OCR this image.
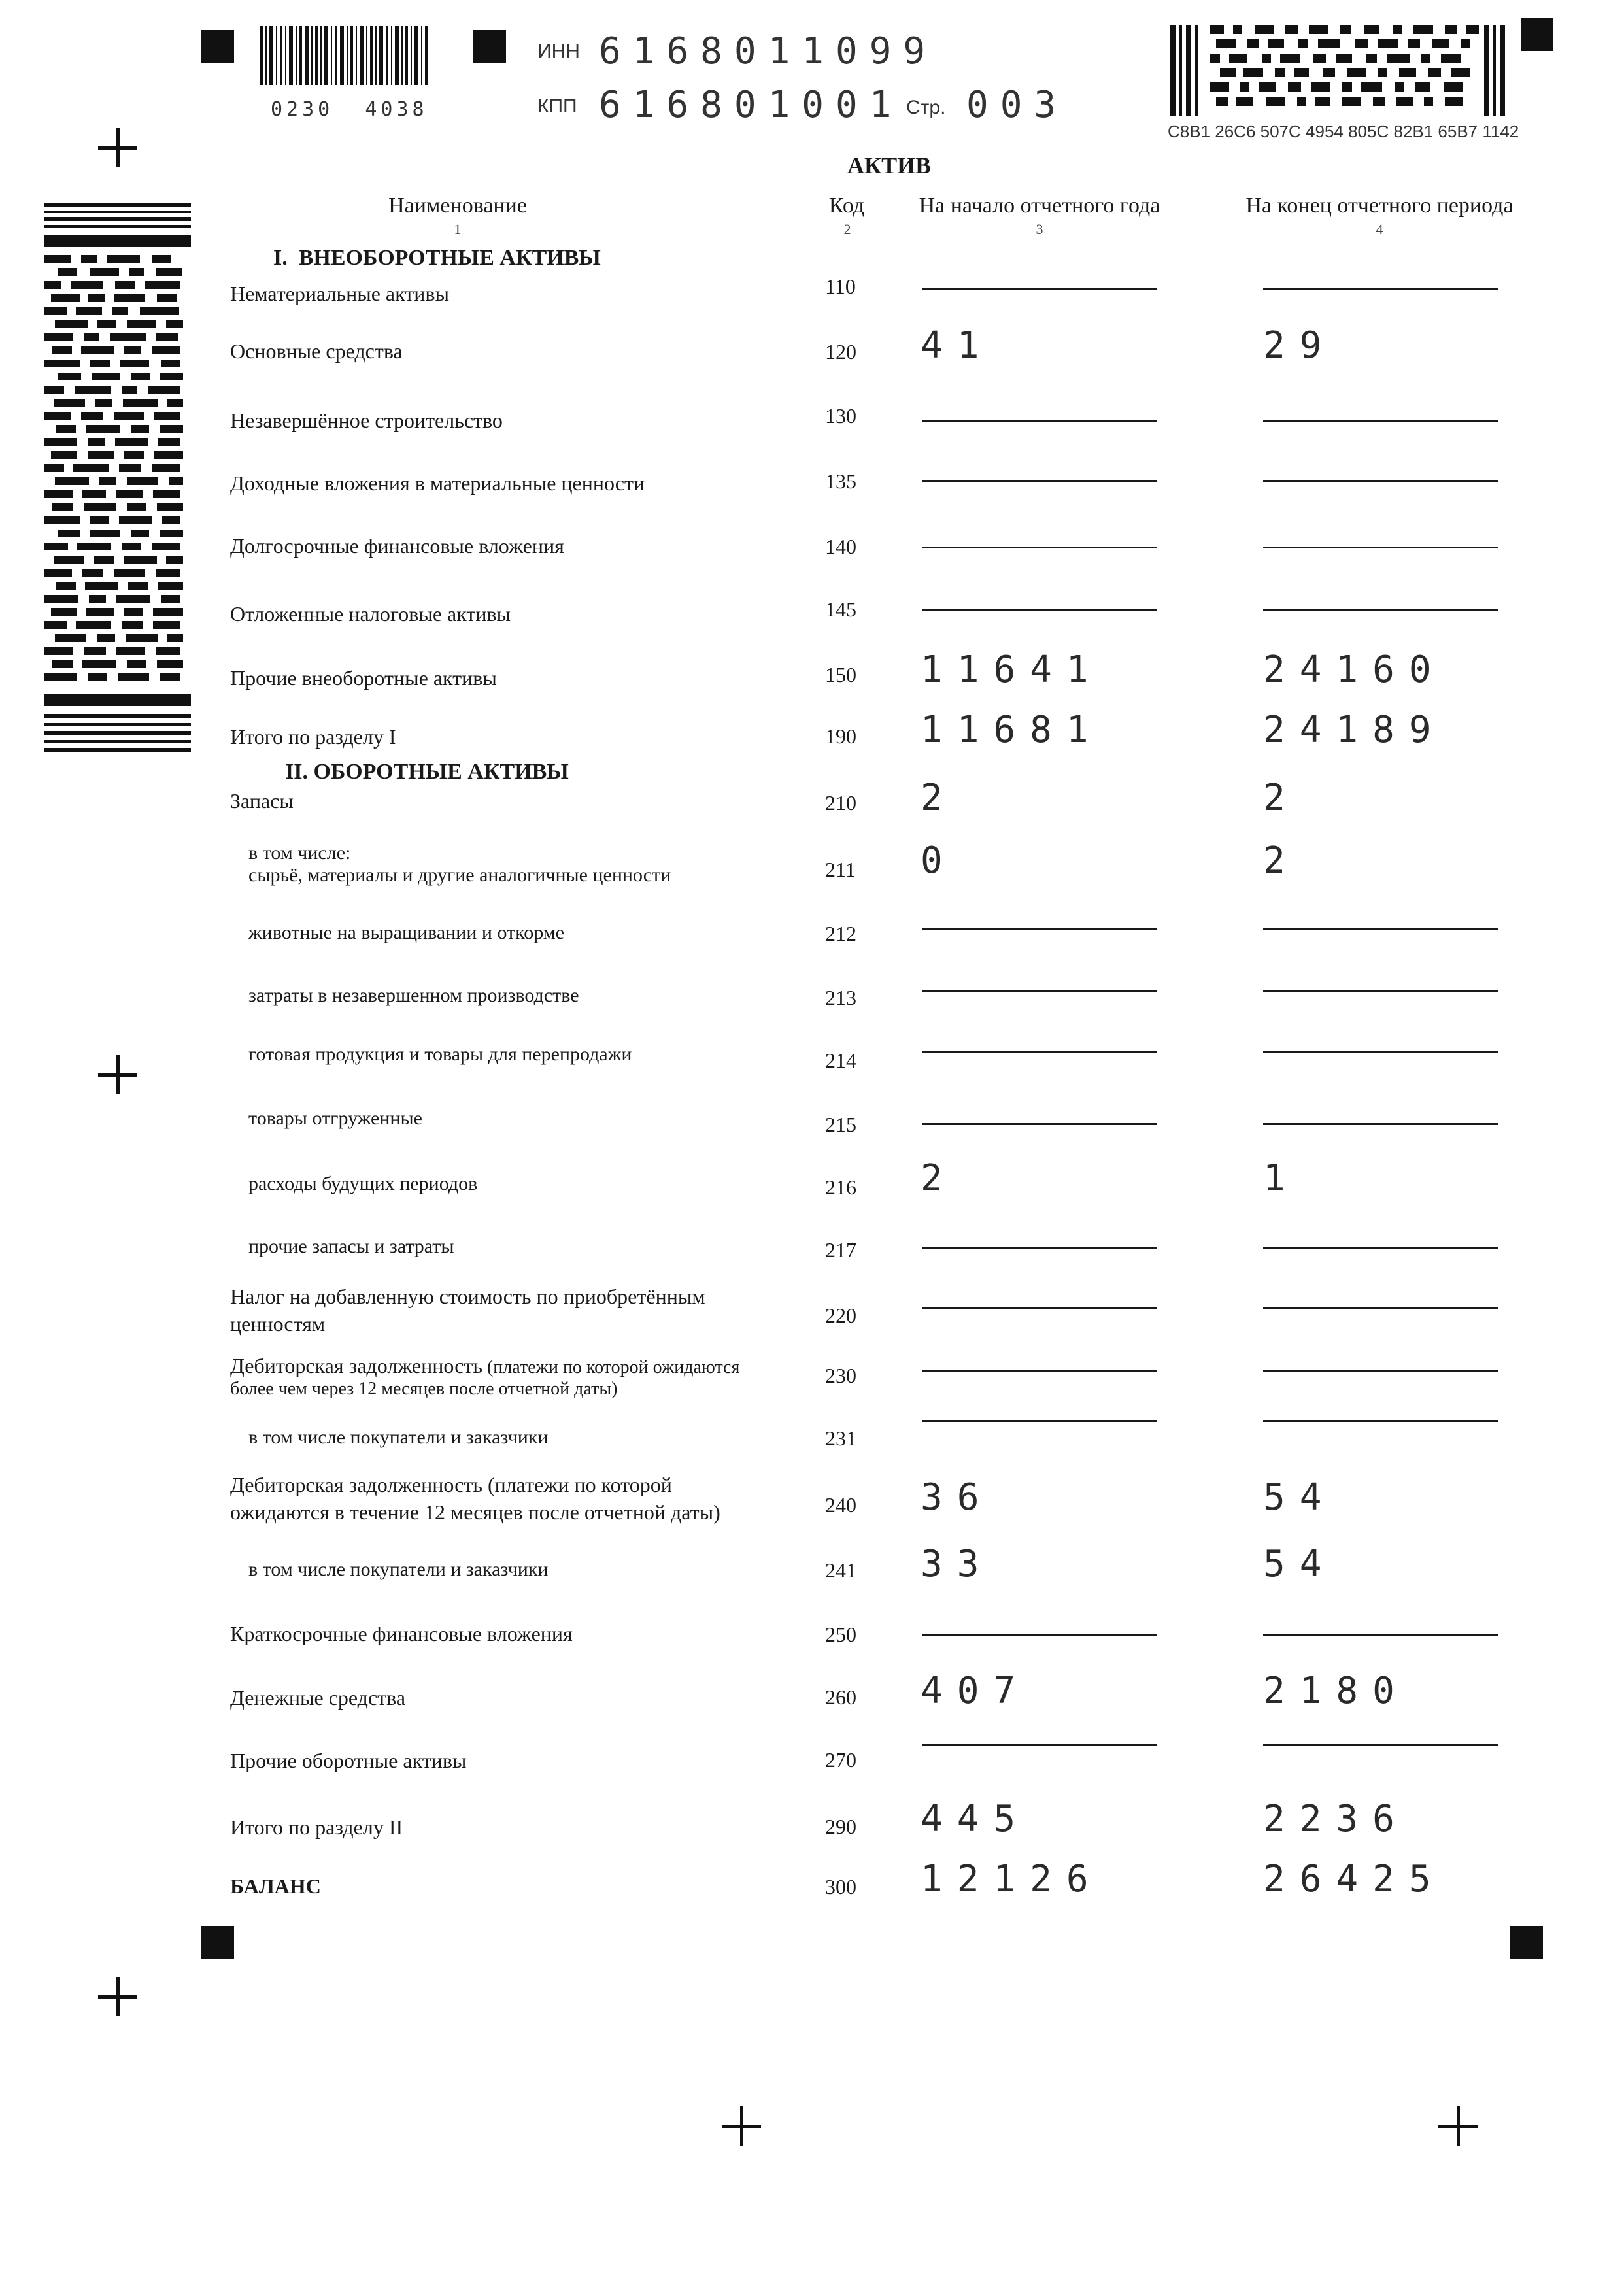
0230  4038
ИНН 6168011099
КПП 616801001 Стр. 003
C8B1 26C6 507C 4954 805C 82B1 65B7 1142
АКТИВ
Наименование
1
Код
2
На начало отчетного года
3
На конец отчетного периода
4
I.  ВНЕОБОРОТНЫЕ АКТИВЫ
II. ОБОРОТНЫЕ АКТИВЫ
Нематериальные активы	110
Основные средства	120 41	29
Незавершённое строительство	130
Доходные вложения в материальные ценности	135
Долгосрочные финансовые вложения	140
Отложенные налоговые активы	145
Прочие внеоборотные активы	150 11641	24160
Итого по разделу I	190 11681	24189
Запасы	210 2	2
в том числе:
сырьё, материалы и другие аналогичные ценности	211 0	2
животные на выращивании и откорме	212
затраты в незавершенном производстве	213
готовая продукция и товары для перепродажи	214
товары отгруженные	215
расходы будущих периодов	216 2	1
прочие запасы и затраты	217
Налог на добавленную стоимость по приобретённым
ценностям	220
Дебиторская задолженность (платежи по которой ожидаются
более чем через 12 месяцев после отчетной даты)
230
в том числе покупатели и заказчики	231
Дебиторская задолженность (платежи по которой
ожидаются в течение 12 месяцев после отчетной даты)	240 36	54
в том числе покупатели и заказчики	241 33	54
Краткосрочные финансовые вложения	250
Денежные средства	260 407	2180
Прочие оборотные активы	270
Итого по разделу II	290 445	2236
БАЛАНС	300 12126	26425
